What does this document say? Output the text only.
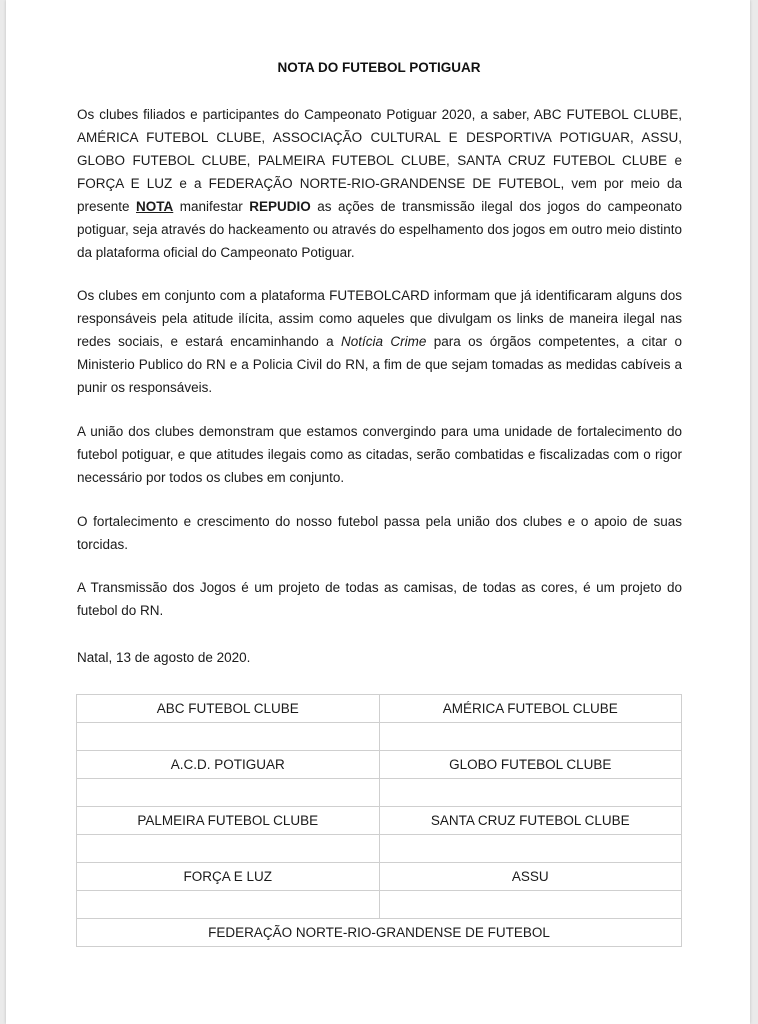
NOTA DO FUTEBOL POTIGUAR
Os clubes filiados e participantes do Campeonato Potiguar 2020, a saber, ABC FUTEBOL CLUBE, AMÉRICA FUTEBOL CLUBE, ASSOCIAÇÃO CULTURAL E DESPORTIVA POTIGUAR, ASSU, GLOBO FUTEBOL CLUBE, PALMEIRA FUTEBOL CLUBE, SANTA CRUZ FUTEBOL CLUBE e FORÇA E LUZ e a FEDERAÇÃO NORTE-RIO-GRANDENSE DE FUTEBOL, vem por meio da presente NOTA manifestar REPUDIO as ações de transmissão ilegal dos jogos do campeonato potiguar, seja através do hackeamento ou através do espelhamento dos jogos em outro meio distinto da plataforma oficial do Campeonato Potiguar.
Os clubes em conjunto com a plataforma FUTEBOLCARD informam que já identificaram alguns dos responsáveis pela atitude ilícita, assim como aqueles que divulgam os links de maneira ilegal nas redes sociais, e estará encaminhando a Notícia Crime para os órgãos competentes, a citar o Ministerio Publico do RN e a Policia Civil do RN, a fim de que sejam tomadas as medidas cabíveis a punir os responsáveis.
A união dos clubes demonstram que estamos convergindo para uma unidade de fortalecimento do futebol potiguar, e que atitudes ilegais como as citadas, serão combatidas e fiscalizadas com o rigor necessário por todos os clubes em conjunto.
O fortalecimento e crescimento do nosso futebol passa pela união dos clubes e o apoio de suas torcidas.
A Transmissão dos Jogos é um projeto de todas as camisas, de todas as cores, é um projeto do futebol do RN.
Natal, 13 de agosto de 2020.
ABC FUTEBOL CLUBE	AMÉRICA FUTEBOL CLUBE

A.C.D. POTIGUAR	GLOBO FUTEBOL CLUBE

PALMEIRA FUTEBOL CLUBE	SANTA CRUZ FUTEBOL CLUBE

FORÇA E LUZ	ASSU

FEDERAÇÃO NORTE-RIO-GRANDENSE DE FUTEBOL	
